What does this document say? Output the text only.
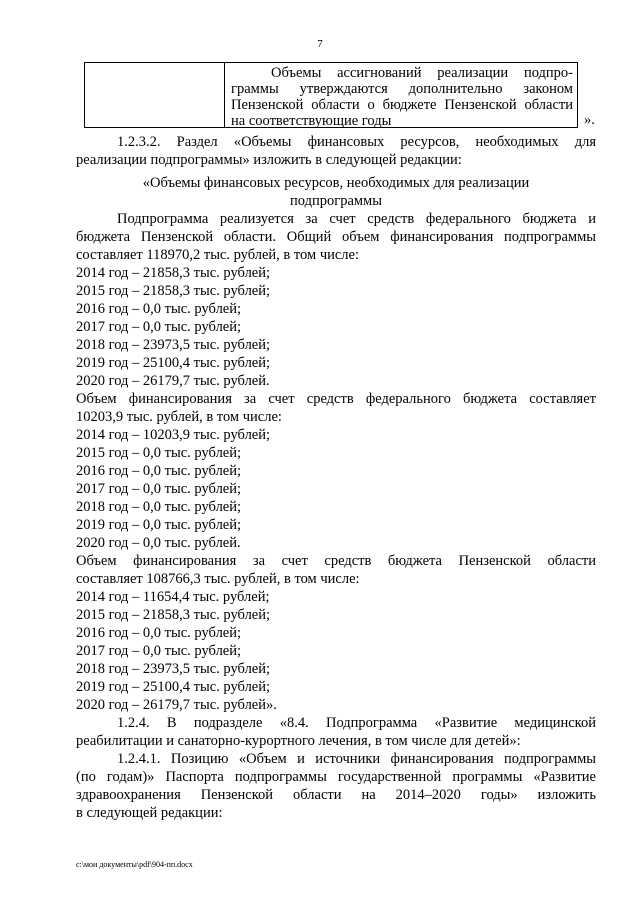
7
Объемы ассигнований реализации подпро-
граммы утверждаются дополнительно законом
Пензенской области о бюджете Пензенской области
на соответствующие годы	».

1.2.3.2. Раздел «Объемы финансовых ресурсов, необходимых для

реализации подпрограммы» изложить в следующей редакции:

«Объемы финансовых ресурсов, необходимых для реализации

подпрограммы

Подпрограмма реализуется за счет средств федерального бюджета и

бюджета Пензенской области. Общий объем финансирования подпрограммы

составляет 118970,2 тыс. рублей, в том числе:

2014 год – 21858,3 тыс. рублей;

2015 год – 21858,3 тыс. рублей;

2016 год – 0,0 тыс. рублей;

2017 год – 0,0 тыс. рублей;

2018 год – 23973,5 тыс. рублей;

2019 год – 25100,4 тыс. рублей;

2020 год – 26179,7 тыс. рублей.

Объем финансирования за счет средств федерального бюджета составляет

10203,9 тыс. рублей, в том числе:

2014 год – 10203,9 тыс. рублей;

2015 год – 0,0 тыс. рублей;

2016 год – 0,0 тыс. рублей;

2017 год – 0,0 тыс. рублей;

2018 год – 0,0 тыс. рублей;

2019 год – 0,0 тыс. рублей;

2020 год – 0,0 тыс. рублей.

Объем финансирования за счет средств бюджета Пензенской области

составляет 108766,3 тыс. рублей, в том числе:

2014 год – 11654,4 тыс. рублей;

2015 год – 21858,3 тыс. рублей;

2016 год – 0,0 тыс. рублей;

2017 год – 0,0 тыс. рублей;

2018 год – 23973,5 тыс. рублей;

2019 год – 25100,4 тыс. рублей;

2020 год – 26179,7 тыс. рублей».

1.2.4. В подразделе «8.4. Подпрограмма «Развитие медицинской

реабилитации и санаторно-курортного лечения, в том числе для детей»:

1.2.4.1. Позицию «Объем и источники финансирования подпрограммы

(по годам)» Паспорта подпрограммы государственной программы «Развитие

здравоохранения Пензенской области на 2014–2020 годы» изложить

в следующей редакции:

c:\мои документы\pdf\904-пп.docx
